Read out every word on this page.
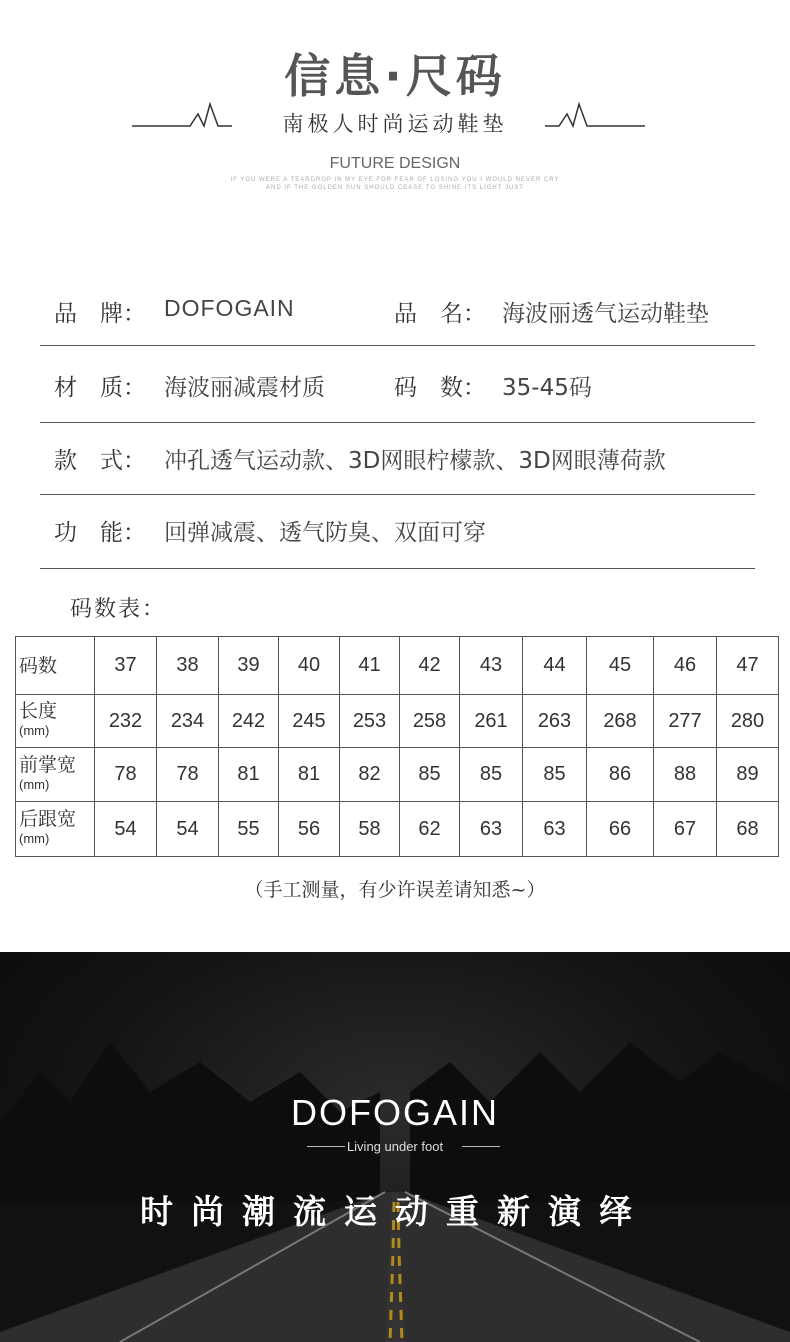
信息·尺码
南极人时尚运动鞋垫
FUTURE DESIGN
IF YOU WERE A TEARDROP IN MY EYE FOR FEAR OF LOSING YOU I WOULD NEVER CRY
AND IF THE GOLDEN SUN SHOULD CEASE TO SHINE ITS LIGHT JUST
品　牌： DOFOGAIN	品　名： 海波丽透气运动鞋垫
材　质： 海波丽减震材质	码　数： 35-45码
款　式： 冲孔透气运动款、3D网眼柠檬款、3D网眼薄荷款
功　能： 回弹减震、透气防臭、双面可穿
码数表：
码数	37	38	39	40	41	42	43	44	45	46	47
长度
(mm)	232	234	242	245	253	258	261	263	268	277	280
前掌宽
(mm)	78	78	81	81	82	85	85	85	86	88	89
后跟宽
(mm)	54	54	55	56	58	62	63	63	66	67	68
（手工测量，有少许误差请知悉~）
DOFOGAIN
Living under foot
时尚潮流运动重新演绎
